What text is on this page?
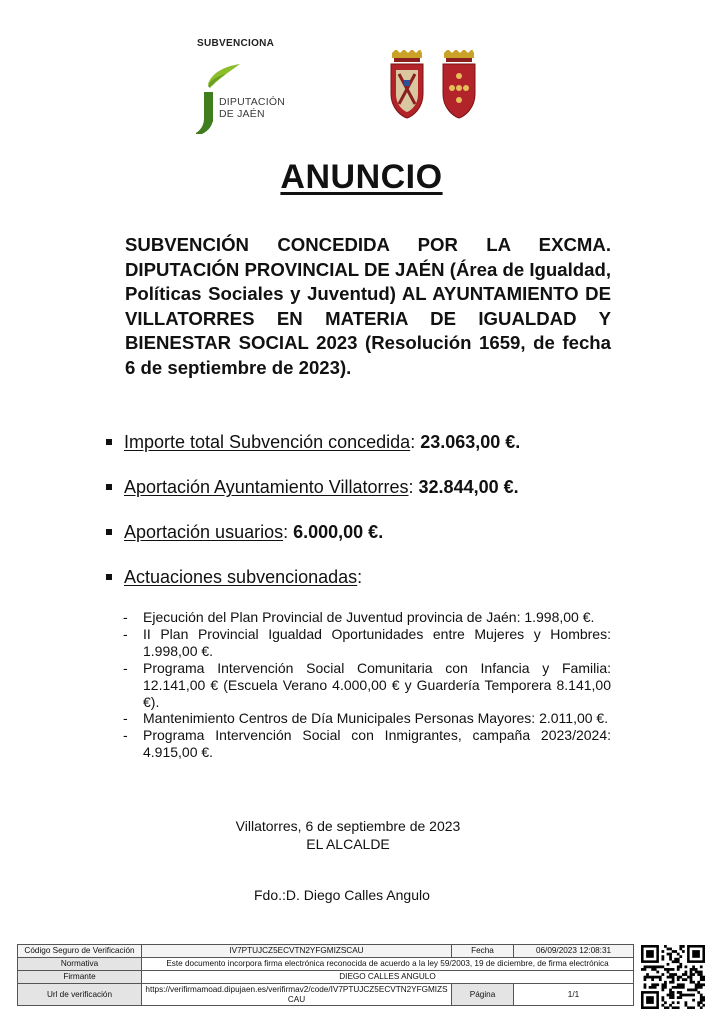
SUBVENCIONA
DIPUTACIÓN
DE JAÉN
ANUNCIO
SUBVENCIÓN CONCEDIDA POR LA EXCMA. DIPUTACIÓN PROVINCIAL DE JAÉN (Área de Igualdad, Políticas Sociales y Juventud) AL AYUNTAMIENTO DE VILLATORRES EN MATERIA DE IGUALDAD Y BIENESTAR SOCIAL 2023 (Resolución 1659, de fecha 6 de septiembre de 2023).
Importe total Subvención concedida: 23.063,00 €.
Aportación Ayuntamiento Villatorres: 32.844,00 €.
Aportación usuarios: 6.000,00 €.
Actuaciones subvencionadas:
- Ejecución del Plan Provincial de Juventud provincia de Jaén: 1.998,00 €.
- II Plan Provincial Igualdad Oportunidades entre Mujeres y Hombres: 1.998,00 €.
- Programa Intervención Social Comunitaria con Infancia y Familia: 12.141,00 € (Escuela Verano 4.000,00 € y Guardería Temporera 8.141,00 €).
- Mantenimiento Centros de Día Municipales Personas Mayores: 2.011,00 €.
- Programa Intervención Social con Inmigrantes, campaña 2023/2024: 4.915,00 €.
Villatorres, 6 de septiembre de 2023
EL ALCALDE
Fdo.:D. Diego Calles Angulo
Código Seguro de Verificación	IV7PTUJCZ5ECVTN2YFGMIZSCAU	Fecha	06/09/2023 12:08:31
Normativa	Este documento incorpora firma electrónica reconocida de acuerdo a la ley 59/2003, 19 de diciembre, de firma electrónica		
Firmante	DIEGO CALLES ANGULO		
Url de verificación	https://verifirmamoad.dipujaen.es/verifirmav2/code/IV7PTUJCZ5ECVTN2YFGMIZSCAU	Página	1/1
